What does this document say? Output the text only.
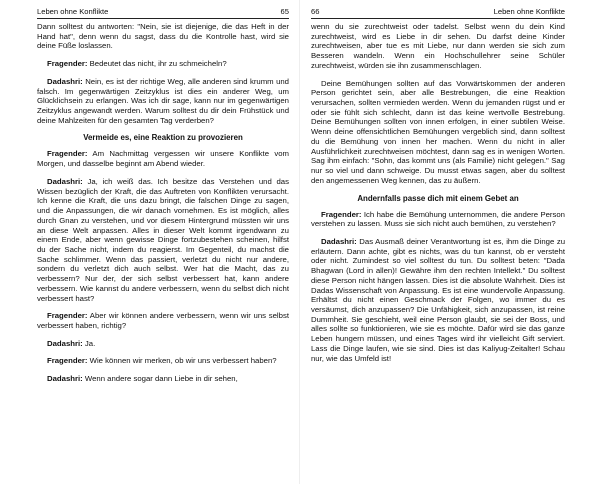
Leben ohne Konflikte	65

Dann solltest du antworten: "Nein, sie ist diejenige, die das Heft in der Hand hat", denn wenn du sagst, dass du die Kontrolle hast, wird sie deine Füße loslassen.

Fragender: Bedeutet das nicht, ihr zu schmeicheln?

Dadashri: Nein, es ist der richtige Weg, alle anderen sind krumm und falsch. Im gegenwärtigen Zeitzyklus ist dies ein anderer Weg, um Glücklichsein zu erlangen. Was ich dir sage, kann nur im gegenwärtigen Zeitzyklus angewandt werden. Warum solltest du dir dein Frühstück und deine Mahlzeiten für den gesamten Tag verderben?

Vermeide es, eine Reaktion zu provozieren

Fragender: Am Nachmittag vergessen wir unsere Konflikte vom Morgen, und dasselbe beginnt am Abend wieder.

Dadashri: Ja, ich weiß das. Ich besitze das Verstehen und das Wissen bezüglich der Kraft, die das Auftreten von Konflikten verursacht. Ich kenne die Kraft, die uns dazu bringt, die falschen Dinge zu sagen, und die Anpassungen, die wir danach vornehmen. Es ist möglich, alles durch Gnan zu verstehen, und vor diesem Hintergrund müssten wir uns an diese Welt anpassen. Alles in dieser Welt kommt irgendwann zu einem Ende, aber wenn gewisse Dinge fortzubestehen scheinen, hilfst du der Sache nicht, indem du reagierst. Im Gegenteil, du machst die Sache schlimmer. Wenn das passiert, verletzt du nicht nur andere, sondern du verletzt dich auch selbst. Wer hat die Macht, das zu verbessern? Nur der, der sich selbst verbessert hat, kann andere verbessern. Wie kannst du andere verbessern, wenn du selbst dich nicht verbessert hast?

Fragender: Aber wir können andere verbessern, wenn wir uns selbst verbessert haben, richtig?

Dadashri: Ja.

Fragender: Wie können wir merken, ob wir uns verbessert haben?

Dadashri: Wenn andere sogar dann Liebe in dir sehen,

66	Leben ohne Konflikte

wenn du sie zurechtweist oder tadelst. Selbst wenn du dein Kind zurechtweist, wird es Liebe in dir sehen. Du darfst deine Kinder zurechtweisen, aber tue es mit Liebe, nur dann werden sie sich zum Besseren wandeln. Wenn ein Hochschullehrer seine Schüler zurechtweist, würden sie ihn zusammenschlagen.

Deine Bemühungen sollten auf das Vorwärtskommen der anderen Person gerichtet sein, aber alle Bestrebungen, die eine Reaktion verursachen, sollten vermieden werden. Wenn du jemanden rügst und er oder sie fühlt sich schlecht, dann ist das keine wertvolle Bestrebung. Deine Bemühungen sollten von innen erfolgen, in einer subtilen Weise. Wenn deine offensichtlichen Bemühungen vergeblich sind, dann solltest du die Bemühung von innen her machen. Wenn du nicht in aller Ausführlichkeit zurechtweisen möchtest, dann sag es in wenigen Worten. Sag ihm einfach: "Sohn, das kommt uns (als Familie) nicht gelegen." Sag nur so viel und dann schweige. Du musst etwas sagen, aber du solltest den angemessenen Weg kennen, das zu äußern.

Andernfalls passe dich mit einem Gebet an

Fragender: Ich habe die Bemühung unternommen, die andere Person verstehen zu lassen. Muss sie sich nicht auch bemühen, zu verstehen?

Dadashri: Das Ausmaß deiner Verantwortung ist es, ihm die Dinge zu erläutern. Dann achte, gibt es nichts, was du tun kannst, ob er versteht oder nicht. Zumindest so viel solltest du tun. Du solltest beten: "Dada Bhagwan (Lord in allen)! Gewähre ihm den rechten Intellekt." Du solltest diese Person nicht hängen lassen. Dies ist die absolute Wahrheit. Dies ist Dadas Wissenschaft von Anpassung. Es ist eine wundervolle Anpassung. Erhältst du nicht einen Geschmack der Folgen, wo immer du es versäumst, dich anzupassen? Die Unfähigkeit, sich anzupassen, ist reine Dummheit. Sie geschieht, weil eine Person glaubt, sie sei der Boss, und alles sollte so funktionieren, wie sie es möchte. Dafür wird sie das ganze Leben hungern müssen, und eines Tages wird ihr vielleicht Gift serviert. Lass die Dinge laufen, wie sie sind. Dies ist das Kaliyug-Zeitalter! Schau nur, wie das Umfeld ist!
